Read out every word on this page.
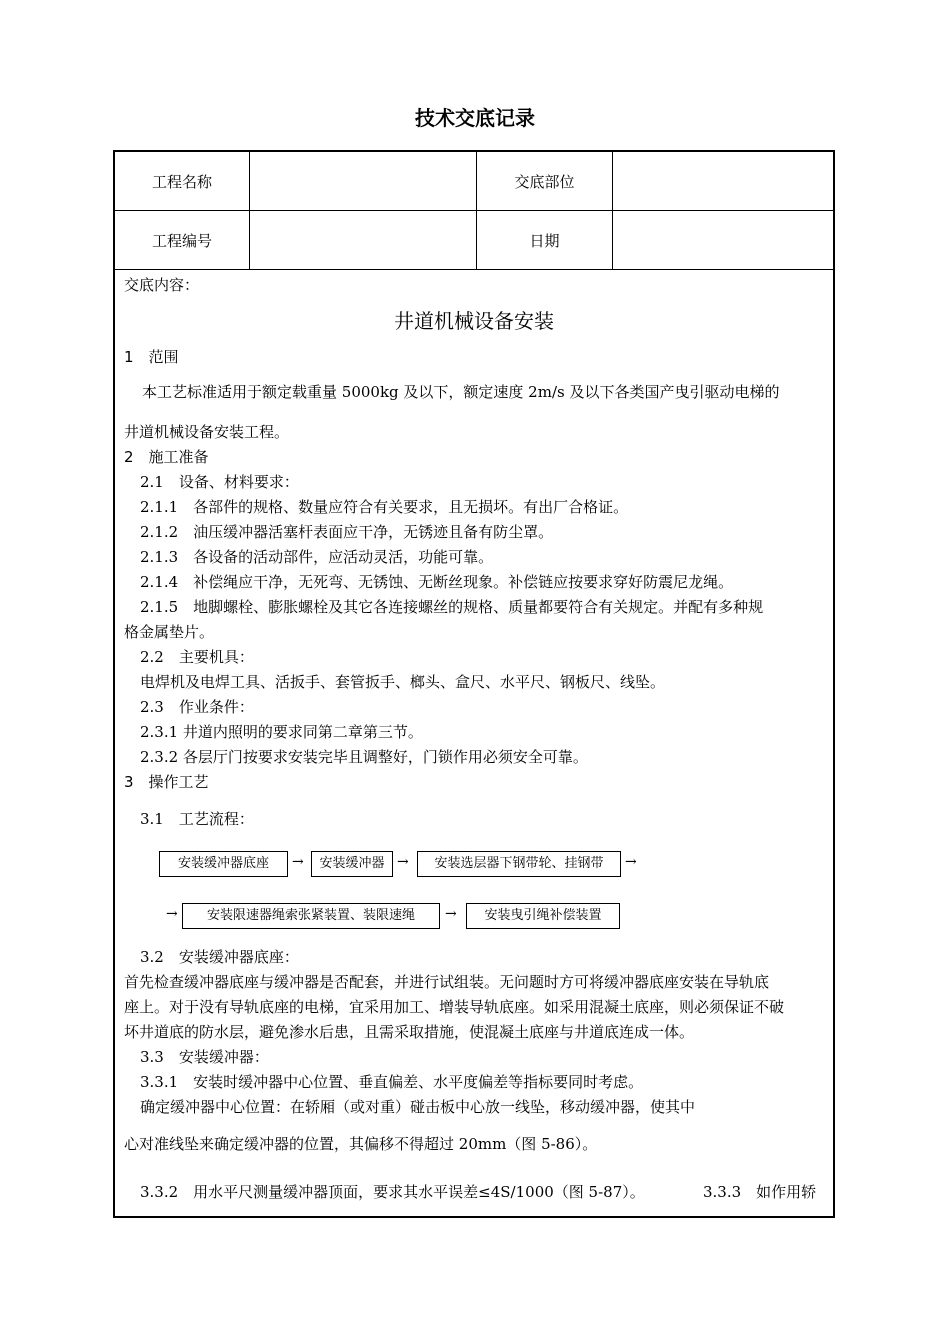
技术交底记录
工程名称		交底部位	
工程编号		日期	
交底内容：
井道机械设备安装
1　范围
本工艺标准适用于额定载重量 5000kg 及以下，额定速度 2m/s 及以下各类国产曳引驱动电梯的
井道机械设备安装工程。
2　施工准备
2.1　设备、材料要求：
2.1.1　各部件的规格、数量应符合有关要求，且无损坏。有出厂合格证。
2.1.2　油压缓冲器活塞杆表面应干净，无锈迹且备有防尘罩。
2.1.3　各设备的活动部件，应活动灵活，功能可靠。
2.1.4　补偿绳应干净，无死弯、无锈蚀、无断丝现象。补偿链应按要求穿好防震尼龙绳。
2.1.5　地脚螺栓、膨胀螺栓及其它各连接螺丝的规格、质量都要符合有关规定。并配有多种规
格金属垫片。
2.2　主要机具：
电焊机及电焊工具、活扳手、套管扳手、榔头、盒尺、水平尺、钢板尺、线坠。
2.3　作业条件：
2.3.1 井道内照明的要求同第二章第三节。
2.3.2 各层厅门按要求安装完毕且调整好，门锁作用必须安全可靠。
3　操作工艺
3.1　工艺流程：
安装缓冲器底座	→	安装缓冲器 →	安装选层器下钢带轮、挂钢带	→
→	安装限速器绳索张紧装置、装限速绳	→	安装曳引绳补偿装置
3.2　安装缓冲器底座：
首先检查缓冲器底座与缓冲器是否配套，并进行试组装。无问题时方可将缓冲器底座安装在导轨底
座上。对于没有导轨底座的电梯，宜采用加工、增装导轨底座。如采用混凝土底座，则必须保证不破
坏井道底的防水层，避免渗水后患，且需采取措施，使混凝土底座与井道底连成一体。
3.3　安装缓冲器：
3.3.1　安装时缓冲器中心位置、垂直偏差、水平度偏差等指标要同时考虑。
确定缓冲器中心位置：在轿厢（或对重）碰击板中心放一线坠，移动缓冲器，使其中
心对准线坠来确定缓冲器的位置，其偏移不得超过 20mm（图 5-86）。
3.3.2　用水平尺测量缓冲器顶面，要求其水平误差≤4S/1000（图 5-87）。	3.3.3　如作用轿
